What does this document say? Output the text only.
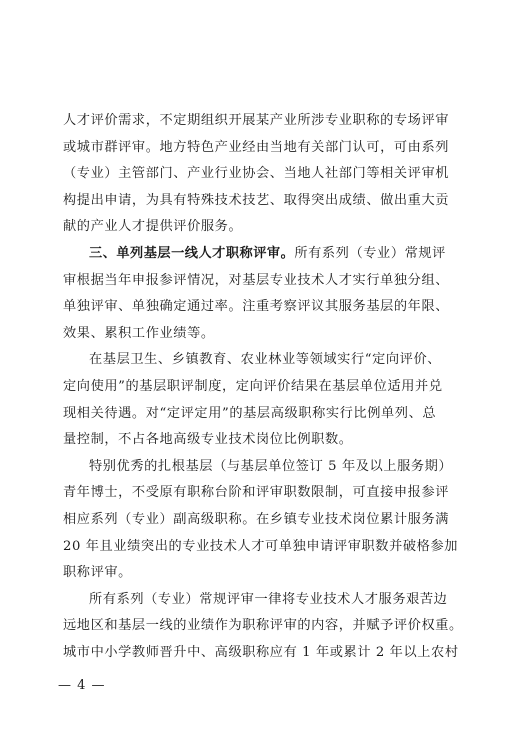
人才评价需求，不定期组织开展某产业所涉专业职称的专场评审
或城市群评审。地方特色产业经由当地有关部门认可，可由系列
（专业）主管部门、产业行业协会、当地人社部门等相关评审机
构提出申请，为具有特殊技术技艺、取得突出成绩、做出重大贡
献的产业人才提供评价服务。
三、单列基层一线人才职称评审。所有系列（专业）常规评
审根据当年申报参评情况，对基层专业技术人才实行单独分组、
单独评审、单独确定通过率。注重考察评议其服务基层的年限、
效果、累积工作业绩等。
在基层卫生、乡镇教育、农业林业等领域实行“定向评价、
定向使用”的基层职评制度，定向评价结果在基层单位适用并兑
现相关待遇。对“定评定用”的基层高级职称实行比例单列、总
量控制，不占各地高级专业技术岗位比例职数。
特别优秀的扎根基层（与基层单位签订 5 年及以上服务期）
青年博士，不受原有职称台阶和评审职数限制，可直接申报参评
相应系列（专业）副高级职称。在乡镇专业技术岗位累计服务满
20 年且业绩突出的专业技术人才可单独申请评审职数并破格参加
职称评审。
所有系列（专业）常规评审一律将专业技术人才服务艰苦边
远地区和基层一线的业绩作为职称评审的内容，并赋予评价权重。
城市中小学教师晋升中、高级职称应有 1 年或累计 2 年以上农村
— 4 —
